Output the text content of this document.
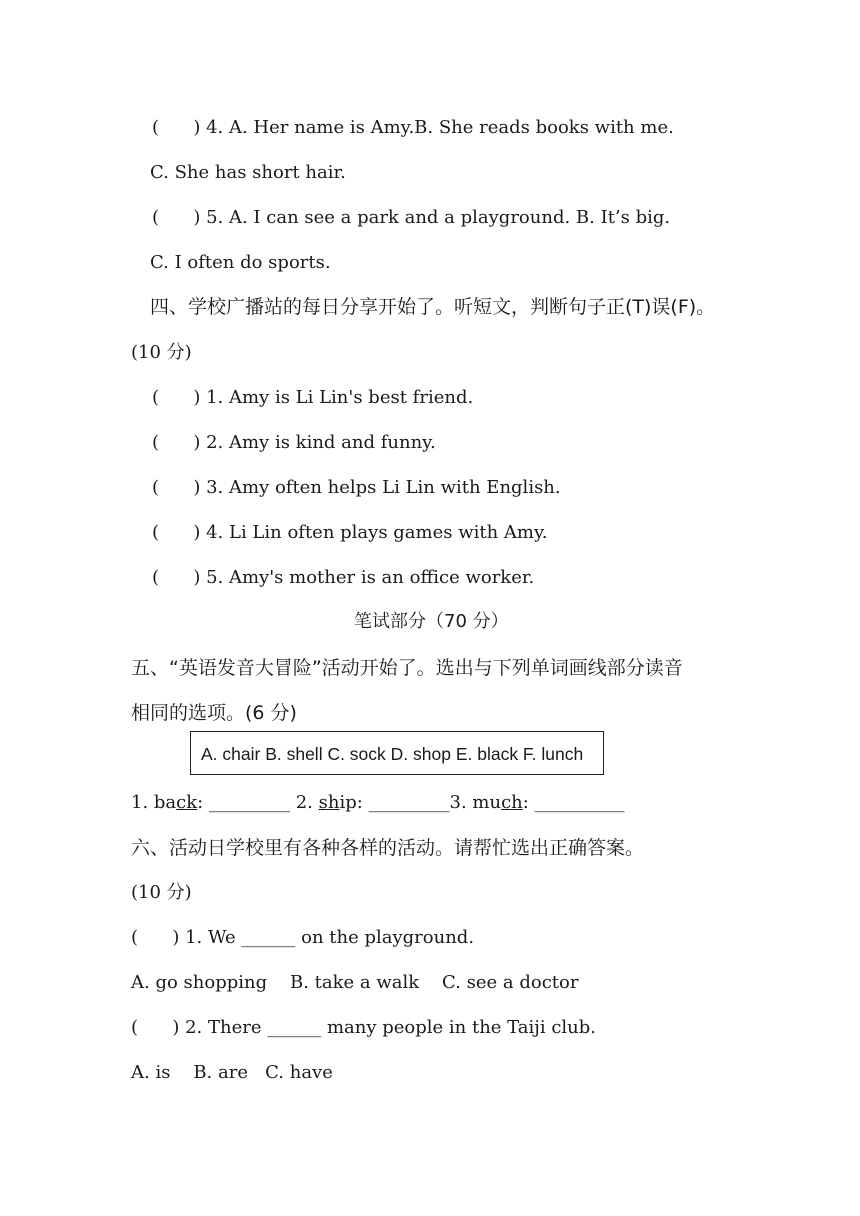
(      ) 4. A. Her name is Amy.B. She reads books with me.
C. She has short hair.
(      ) 5. A. I can see a park and a playground. B. It’s big.
C. I often do sports.
四、学校广播站的每日分享开始了。听短文，判断句子正(T)误(F)。
(10 分)
(      ) 1. Amy is Li Lin's best friend.
(      ) 2. Amy is kind and funny.
(      ) 3. Amy often helps Li Lin with English.
(      ) 4. Li Lin often plays games with Amy.
(      ) 5. Amy's mother is an office worker.
笔试部分（70 分）
五、“英语发音大冒险”活动开始了。选出与下列单词画线部分读音
相同的选项。(6 分)
A. chair B. shell C. sock D. shop E. black F. lunch
1. back: _________ 2. ship: _________3. much: __________
六、活动日学校里有各种各样的活动。请帮忙选出正确答案。
(10 分)
(      ) 1. We ______ on the playground.
A. go shopping    B. take a walk    C. see a doctor
(      ) 2. There ______ many people in the Taiji club.
A. is    B. are   C. have
